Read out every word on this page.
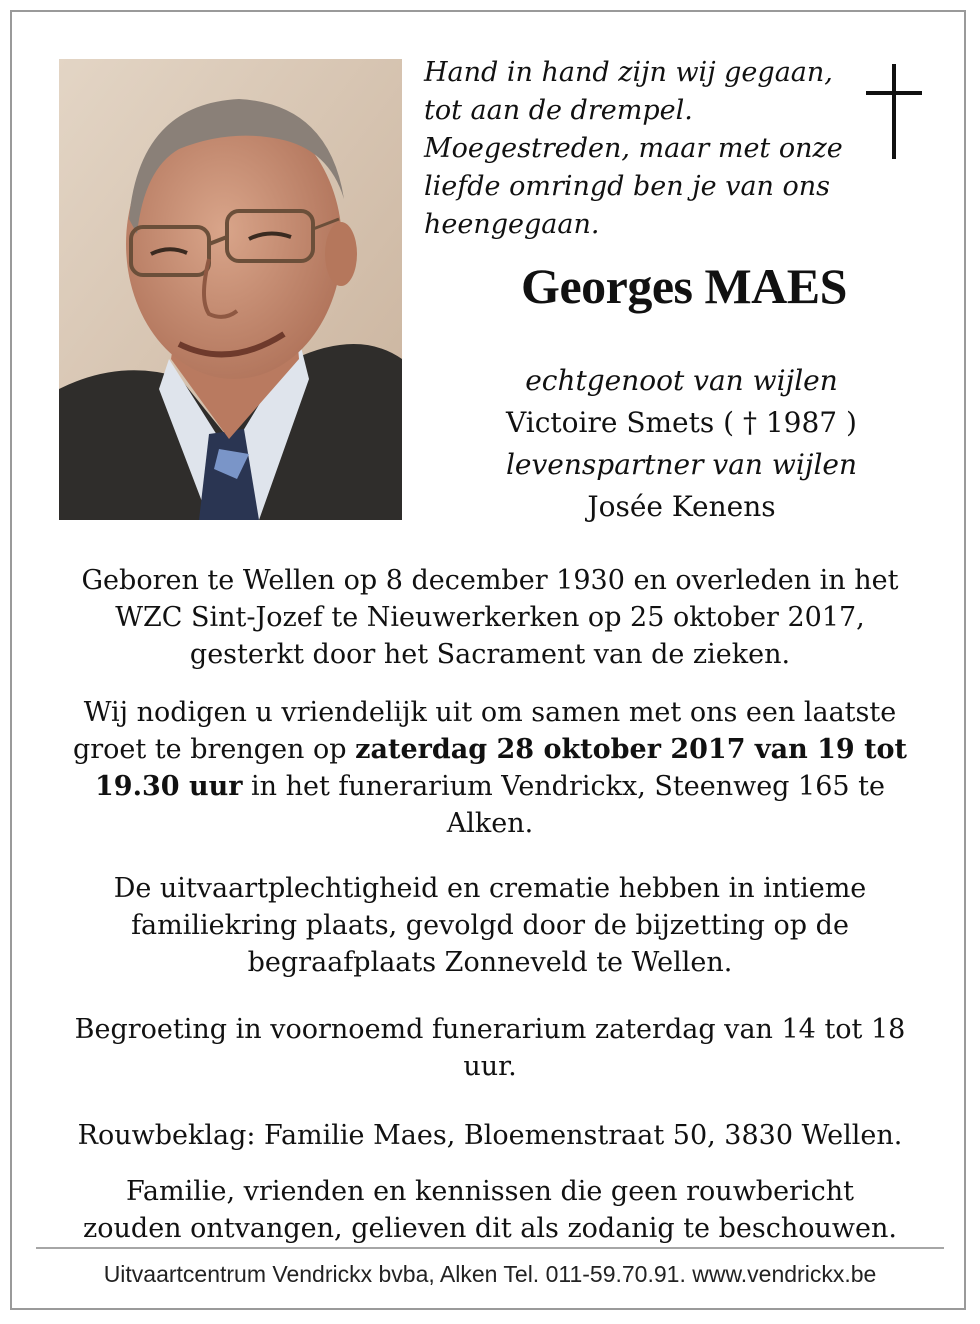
Hand in hand zijn wij gegaan,
tot aan de drempel.
Moegestreden, maar met onze
liefde omringd ben je van ons
heengegaan.
Georges MAES
echtgenoot van wijlen
Victoire Smets ( † 1987 )
levenspartner van wijlen
Josée Kenens
Geboren te Wellen op 8 december 1930 en overleden in het
WZC Sint-Jozef te Nieuwerkerken op 25 oktober 2017,
gesterkt door het Sacrament van de zieken.
Wij nodigen u vriendelijk uit om samen met ons een laatste
groet te brengen op zaterdag 28 oktober 2017 van 19 tot
19.30 uur in het funerarium Vendrickx, Steenweg 165 te
Alken.
De uitvaartplechtigheid en crematie hebben in intieme
familiekring plaats, gevolgd door de bijzetting op de
begraafplaats Zonneveld te Wellen.
Begroeting in voornoemd funerarium zaterdag van 14 tot 18
uur.
Rouwbeklag: Familie Maes, Bloemenstraat 50, 3830 Wellen.
Familie, vrienden en kennissen die geen rouwbericht
zouden ontvangen, gelieven dit als zodanig te beschouwen.
Uitvaartcentrum Vendrickx bvba, Alken Tel. 011-59.70.91. www.vendrickx.be
